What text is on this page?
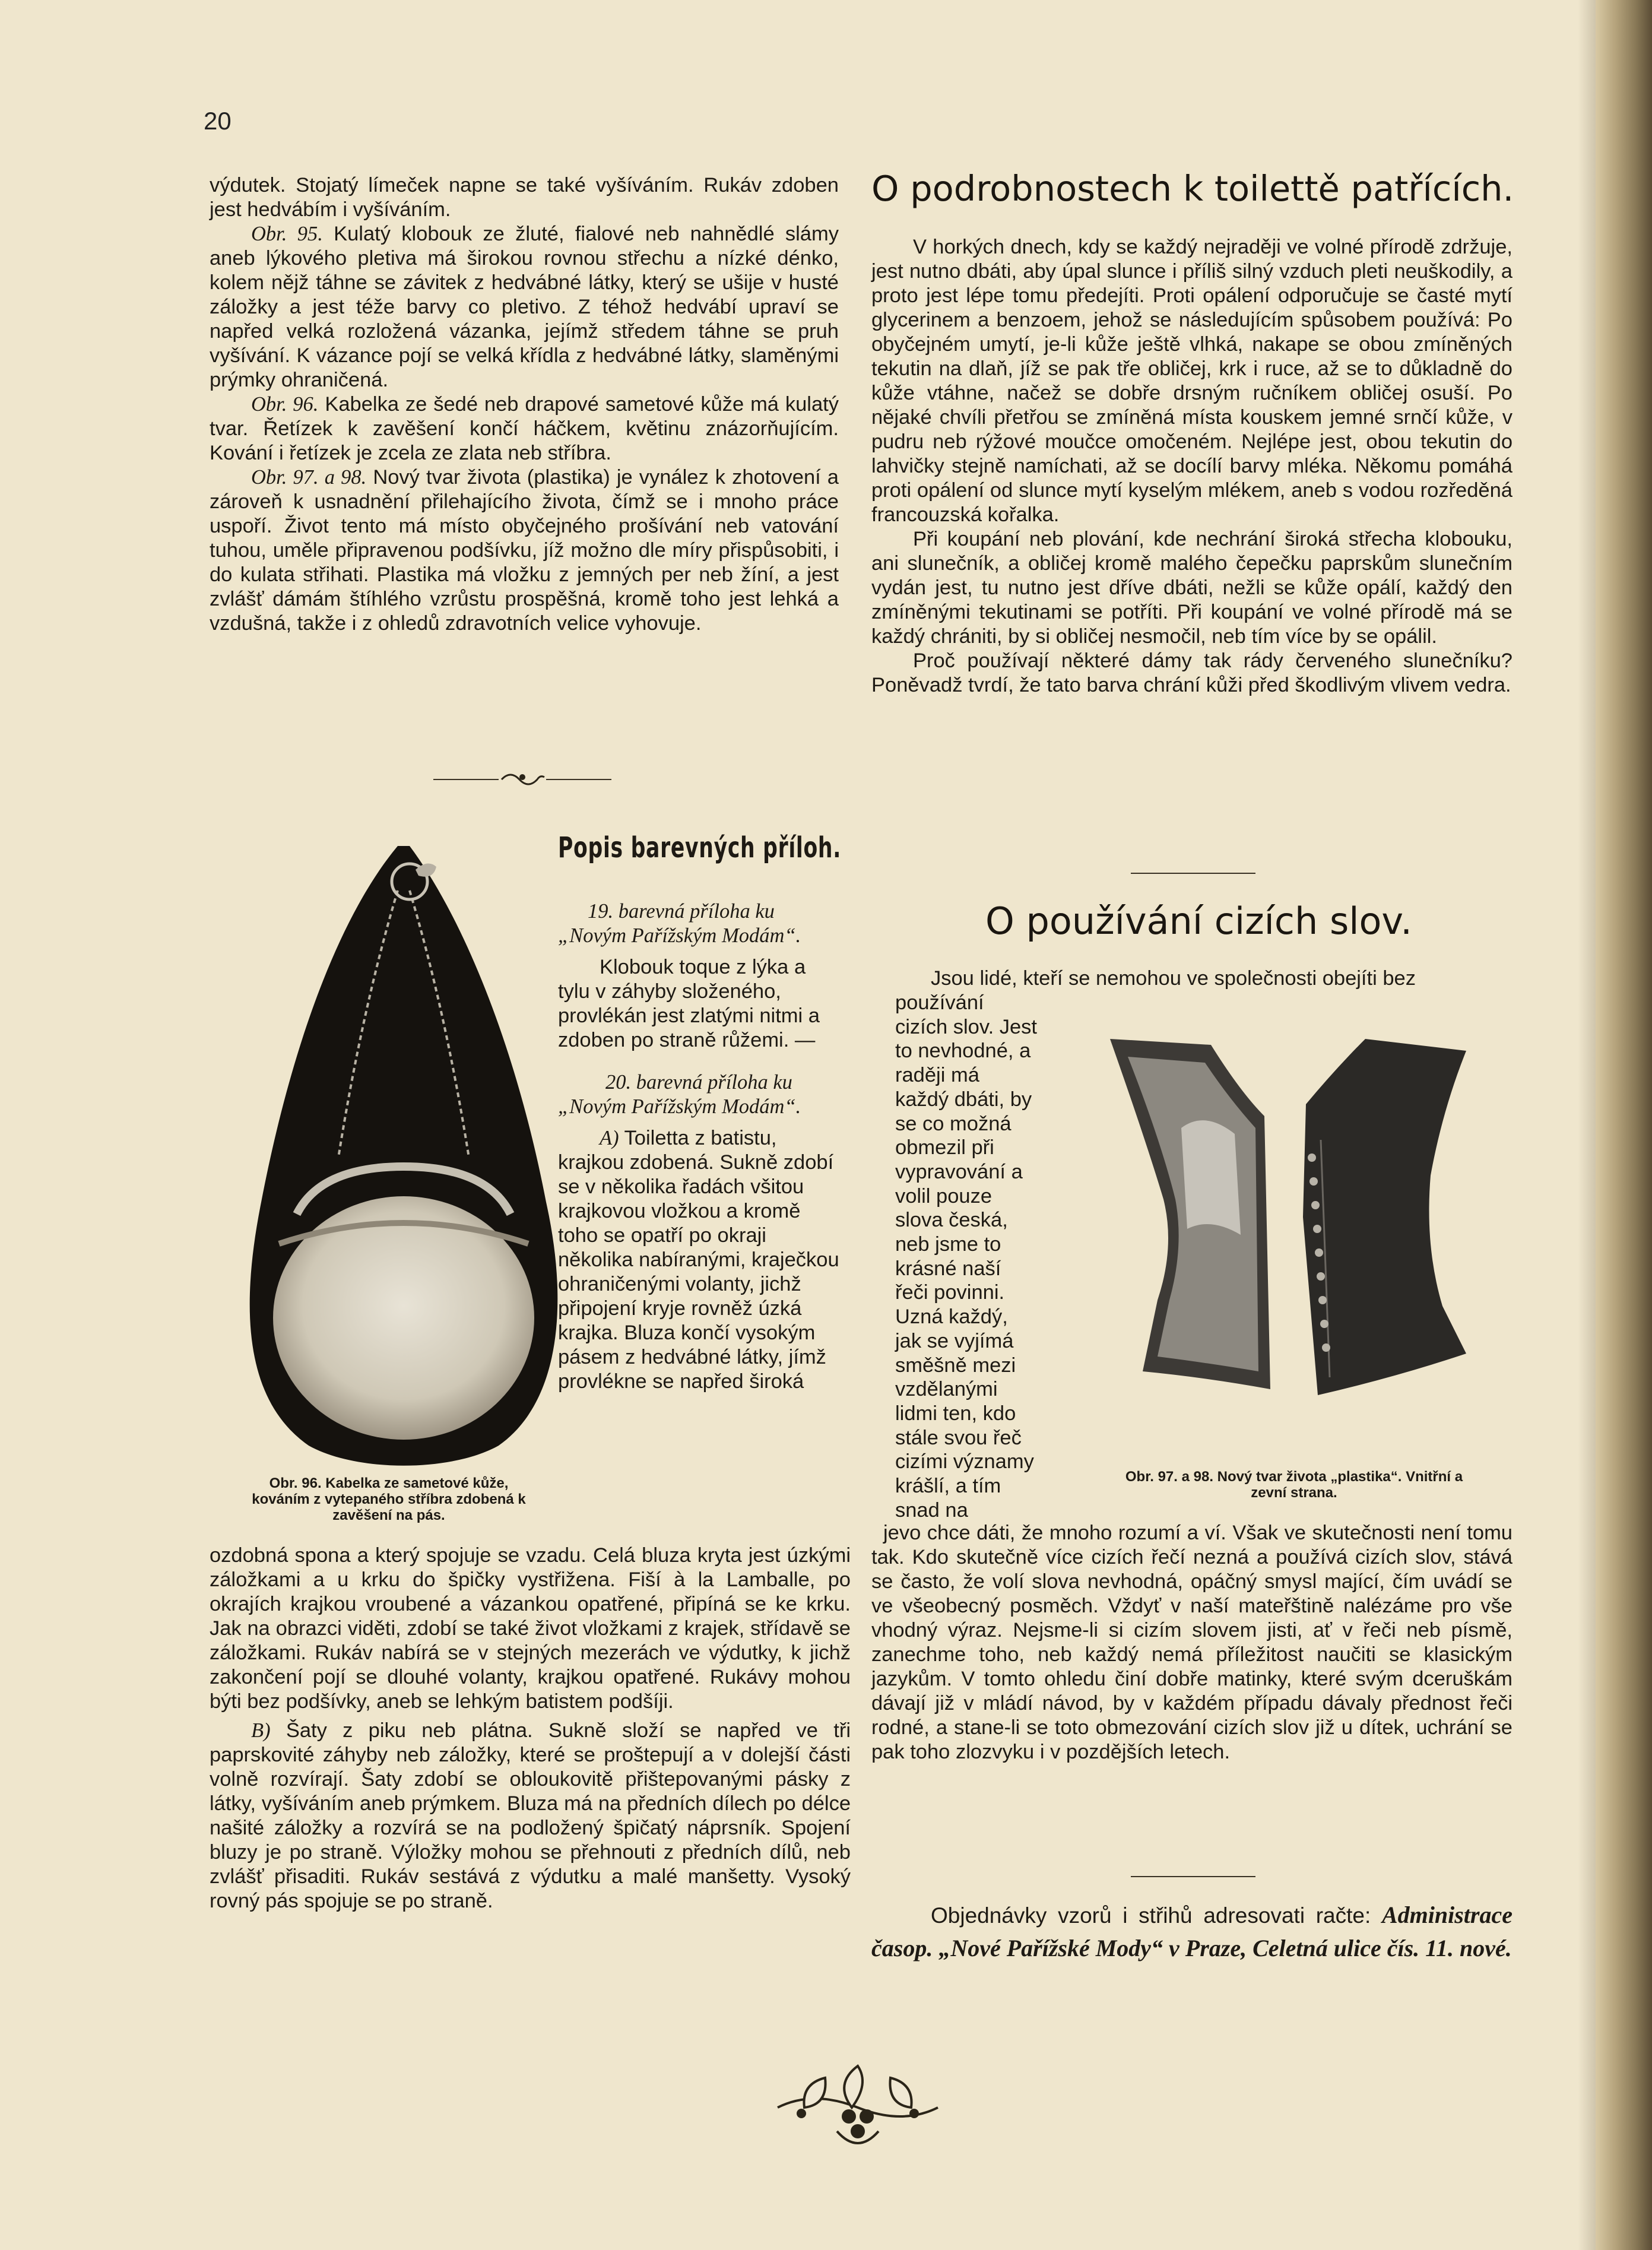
20

výdutek. Stojatý límeček napne se také vyšíváním. Rukáv zdoben jest hedvábím i vyšíváním.

Obr. 95. Kulatý klobouk ze žluté, fialové neb nahnědlé slámy aneb lýkového pletiva má širokou rovnou střechu a nízké dénko, kolem nějž táhne se závitek z hedvábné látky, který se ušije v husté záložky a jest téže barvy co pletivo. Z téhož hedvábí upraví se napřed velká rozložená vázanka, jejímž středem táhne se pruh vyšívání. K vázance pojí se velká křídla z hedvábné látky, slaměnými prýmky ohraničená.

Obr. 96. Kabelka ze šedé neb drapové sametové kůže má kulatý tvar. Řetízek k zavěšení končí háčkem, květinu znázorňujícím. Kování i řetízek je zcela ze zlata neb stříbra.

Obr. 97. a 98. Nový tvar života (plastika) je vynález k zhotovení a zároveň k usnadnění přilehajícího života, čímž se i mnoho práce uspoří. Život tento má místo obyčejného prošívání neb vatování tuhou, uměle připravenou podšívku, jíž možno dle míry přispůsobiti, i do kulata střihati. Plastika má vložku z jemných per neb žíní, a jest zvlášť dámám štíhlého vzrůstu prospěšná, kromě toho jest lehká a vzdušná, takže i z ohledů zdravotních velice vyhovuje.

Obr. 96. Kabelka ze sametové kůže, kováním z vytepaného stříbra zdobená k zavěšení na pás.
Popis barevných příloh.

19. barevná příloha ku „Novým Pařížským Modám“.

Klobouk toque z lýka a tylu v záhyby složeného, provlékán jest zlatými nitmi a zdoben po straně růžemi. —

20. barevná příloha ku „Novým Pařížským Modám“.

A) Toiletta z batistu, krajkou zdobená. Sukně zdobí se v několika řadách všitou krajkovou vložkou a kromě toho se opatří po okraji několika nabíranými, kraječkou ohraničenými volanty, jichž připojení kryje rovněž úzká krajka. Bluza končí vysokým pásem z hedvábné látky, jímž provlékne se napřed široká

ozdobná spona a který spojuje se vzadu. Celá bluza kryta jest úzkými záložkami a u krku do špičky vystřižena. Fiší à la Lamballe, po okrajích krajkou vroubené a vázankou opatřené, připíná se ke krku. Jak na obrazci viděti, zdobí se také život vložkami z krajek, střídavě se záložkami. Rukáv nabírá se v stejných mezerách ve výdutky, k jichž zakončení pojí se dlouhé volanty, krajkou opatřené. Rukávy mohou býti bez podšívky, aneb se lehkým batistem podšíji.

B) Šaty z piku neb plátna. Sukně složí se napřed ve tři paprskovité záhyby neb záložky, které se proštepují a v dolejší části volně rozvírají. Šaty zdobí se obloukovitě přištepovanými pásky z látky, vyšíváním aneb prýmkem. Bluza má na předních dílech po délce našité záložky a rozvírá se na podložený špičatý náprsník. Spojení bluzy je po straně. Výložky mohou se přehnouti z předních dílů, neb zvlášť přisaditi. Rukáv sestává z výdutku a malé manšetty. Vysoký rovný pás spojuje se po straně.

O podrobnostech k toilettě patřících.

V horkých dnech, kdy se každý nejraději ve volné přírodě zdržuje, jest nutno dbáti, aby úpal slunce i příliš silný vzduch pleti neuškodily, a proto jest lépe tomu předejíti. Proti opálení odporučuje se časté mytí glycerinem a benzoem, jehož se následujícím spůsobem používá: Po obyčejném umytí, je-li kůže ještě vlhká, nakape se obou zmíněných tekutin na dlaň, jíž se pak tře obličej, krk i ruce, až se to důkladně do kůže vtáhne, načež se dobře drsným ručníkem obličej osuší. Po nějaké chvíli přetřou se zmíněná místa kouskem jemné srnčí kůže, v pudru neb rýžové moučce omočeném. Nejlépe jest, obou tekutin do lahvičky stejně namíchati, až se docílí barvy mléka. Někomu pomáhá proti opálení od slunce mytí kyselým mlékem, aneb s vodou rozředěná francouzská kořalka.

Při koupání neb plování, kde nechrání široká střecha klobouku, ani slunečník, a obličej kromě malého čepečku paprskům slunečním vydán jest, tu nutno jest dříve dbáti, nežli se kůže opálí, každý den zmíněnými tekutinami se potříti. Při koupání ve volné přírodě má se každý chrániti, by si obličej nesmočil, neb tím více by se opálil.

Proč používají některé dámy tak rády červeného slunečníku? Poněvadž tvrdí, že tato barva chrání kůži před škodlivým vlivem vedra.

O používání cizích slov.
Jsou lidé, kteří se nemohou ve společnosti obejíti bez
používání cizích slov. Jest to nevhodné, a raději má každý dbáti, by se co možná obmezil při vypravování a volil pouze slova česká, neb jsme to krásné naší řeči povinni. Uzná každý, jak se vyjímá směšně mezi vzdělanými lidmi ten, kdo stále svou řeč cizími významy krášlí, a tím snad na
Obr. 97. a 98. Nový tvar života „plastika“. Vnitřní a zevní strana.
jevo chce dáti, že mnoho rozumí a ví. Však ve skutečnosti není tomu tak. Kdo skutečně více cizích řečí nezná a používá cizích slov, stává se často, že volí slova nevhodná, opáčný smysl mající, čím uvádí se ve všeobecný posměch. Vždyť v naší mateřštině nalézáme pro vše vhodný výraz. Nejsme-li si cizím slovem jisti, ať v řeči neb písmě, zanechme toho, neb každý nemá příležitost naučiti se klasickým jazykům. V tomto ohledu činí dobře matinky, které svým dceruškám dávají již v mládí návod, by v každém případu dávaly přednost řeči rodné, a stane-li se toto obmezování cizích slov již u dítek, uchrání se pak toho zlozvyku i v pozdějších letech.
Objednávky vzorů i střihů adresovati račte: Administrace časop. „Nové Pařížské Mody“ v Praze, Celetná ulice čís. 11. nové.
